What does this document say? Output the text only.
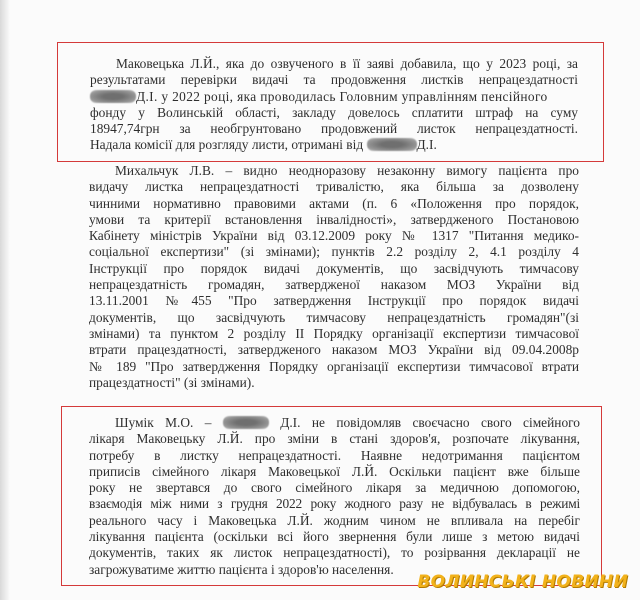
Маковецька Л.Й., яка до озвученого в її заяві добавила, що у 2023 році, за
результатами перевірки видачі та продовження листків непрацездатності
Д.І. у 2022 році, яка проводилась Головним управлінням пенсійного
фонду у Волинській області, закладу довелось сплатити штраф на суму
18947,74грн за необгрунтовано продовжений листок непрацездатності.
Надала комісії для розгляду листи, отримані від	Д.І.
Михальчук Л.В. – видно неодноразову незаконну вимогу пацієнта про
видачу листка непрацездатності тривалістю, яка більша за дозволену
чинними нормативно правовими актами (п. 6 «Положення про порядок,
умови та критерії встановлення інвалідності», затвердженого Постановою
Кабінету міністрів України від 03.12.2009 року № 1317 "Питання медико-
соціальної експертизи" (зі змінами); пунктів 2.2 розділу 2, 4.1 розділу 4
Інструкції про порядок видачі документів, що засвідчують тимчасову
непрацездатність громадян, затвердженої наказом МОЗ України від
13.11.2001 №455 "Про затвердження Інструкції про порядок видачі
документів, що засвідчують тимчасову непрацездатність громадян"(зі
змінами) та пунктом 2 розділу ІІ Порядку організації експертизи тимчасової
втрати працездатності, затвердженого наказом МОЗ України від 09.04.2008р
№ 189 "Про затвердження Порядку організації експертизи тимчасової втрати
працездатності" (зі змінами).
Шумік М.О. –	Д.І. не повідомляв своєчасно свого сімейного
лікаря Маковецьку Л.Й. про зміни в стані здоров'я, розпочате лікування,
потребу в листку непрацездатності. Наявне недотримання пацієнтом
приписів сімейного лікаря Маковецької Л.Й. Оскільки пацієнт вже більше
року не звертався до свого сімейного лікаря за медичною допомогою,
взаємодія між ними з грудня 2022 року жодного разу не відбувалась в режимі
реального часу і Маковецька Л.Й. жодним чином не впливала на перебіг
лікування пацієнта (оскільки всі його звернення були лише з метою видачі
документів, таких як листок непрацездатності), то розірвання декларації не
загрожуватиме життю пацієнта і здоров'ю населення.
ВОЛИНСЬКІ НОВИНИ
